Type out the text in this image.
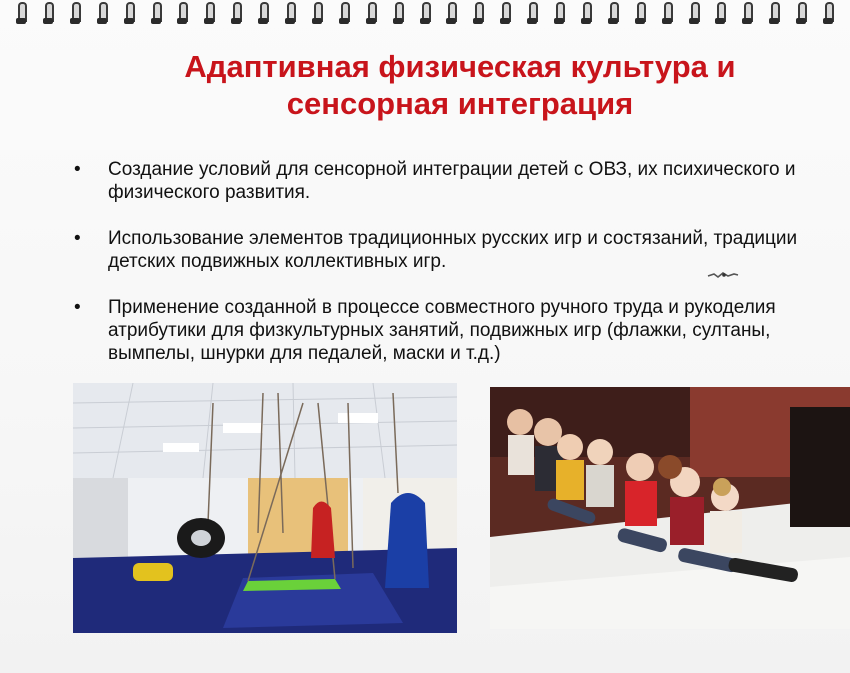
Адаптивная физическая культура и
сенсорная интеграция
• Создание условий для сенсорной интеграции детей с ОВЗ, их психического и
физического развития.
• Использование элементов традиционных русских игр и состязаний, традиции
детских подвижных коллективных игр.
• Применение созданной в процессе совместного ручного труда и рукоделия
атрибутики для физкультурных занятий, подвижных игр (флажки, султаны,
вымпелы, шнурки для педалей, маски и т.д.)
